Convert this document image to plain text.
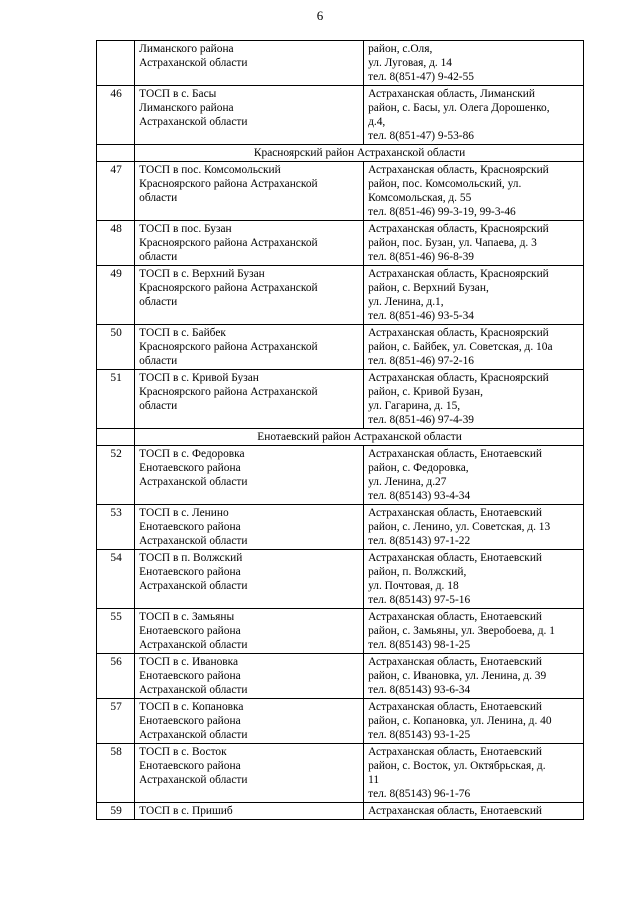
6

	Лиманского района
Астраханской области	район, с.Оля,
ул. Луговая, д. 14
тел. 8(851-47) 9-42-55

46	ТОСП в с. Басы
Лиманского района
Астраханской области	Астраханская область, Лиманский
район, с. Басы, ул. Олега Дорошенко,
д.4,
тел. 8(851-47) 9-53-86

	Красноярский район Астраханской области	
47	ТОСП в пос. Комсомольский
Красноярского района Астраханской
области	Астраханская область, Красноярский
район, пос. Комсомольский, ул.
Комсомольская, д. 55
тел. 8(851-46) 99-3-19, 99-3-46

48	ТОСП в пос. Бузан
Красноярского района Астраханской
области	Астраханская область, Красноярский
район, пос. Бузан, ул. Чапаева, д. 3
тел. 8(851-46) 96-8-39

49	ТОСП в с. Верхний Бузан
Красноярского района Астраханской
области	Астраханская область, Красноярский
район, с. Верхний Бузан,
ул. Ленина, д.1,
тел. 8(851-46) 93-5-34

50	ТОСП в с. Байбек
Красноярского района Астраханской
области	Астраханская область, Красноярский
район, с. Байбек, ул. Советская, д. 10а
тел. 8(851-46) 97-2-16

51	ТОСП в с. Кривой Бузан
Красноярского района Астраханской
области	Астраханская область, Красноярский
район, с. Кривой Бузан,
ул. Гагарина, д. 15,
тел. 8(851-46) 97-4-39

	Енотаевский район Астраханской области	
52	ТОСП в с. Федоровка
Енотаевского района
Астраханской области	Астраханская область, Енотаевский
район, с. Федоровка,
ул. Ленина, д.27
тел. 8(85143) 93-4-34

53	ТОСП в с. Ленино
Енотаевского района
Астраханской области	Астраханская область, Енотаевский
район, с. Ленино, ул. Советская, д. 13
тел. 8(85143) 97-1-22

54	ТОСП в п. Волжский
Енотаевского района
Астраханской области	Астраханская область, Енотаевский
район, п. Волжский,
ул. Почтовая, д. 18
тел. 8(85143) 97-5-16

55	ТОСП в с. Замьяны
Енотаевского района
Астраханской области	Астраханская область, Енотаевский
район, с. Замьяны, ул. Зверобоева, д. 1
тел. 8(85143) 98-1-25

56	ТОСП в с. Ивановка
Енотаевского района
Астраханской области	Астраханская область, Енотаевский
район, с. Ивановка, ул. Ленина, д. 39
тел. 8(85143) 93-6-34

57	ТОСП в с. Копановка
Енотаевского района
Астраханской области	Астраханская область, Енотаевский
район, с. Копановка, ул. Ленина, д. 40
тел. 8(85143) 93-1-25

58	ТОСП в с. Восток
Енотаевского района
Астраханской области	Астраханская область, Енотаевский
район, с. Восток, ул. Октябрьская, д.
11
тел. 8(85143) 96-1-76

59	ТОСП в с. Пришиб	Астраханская область, Енотаевский
